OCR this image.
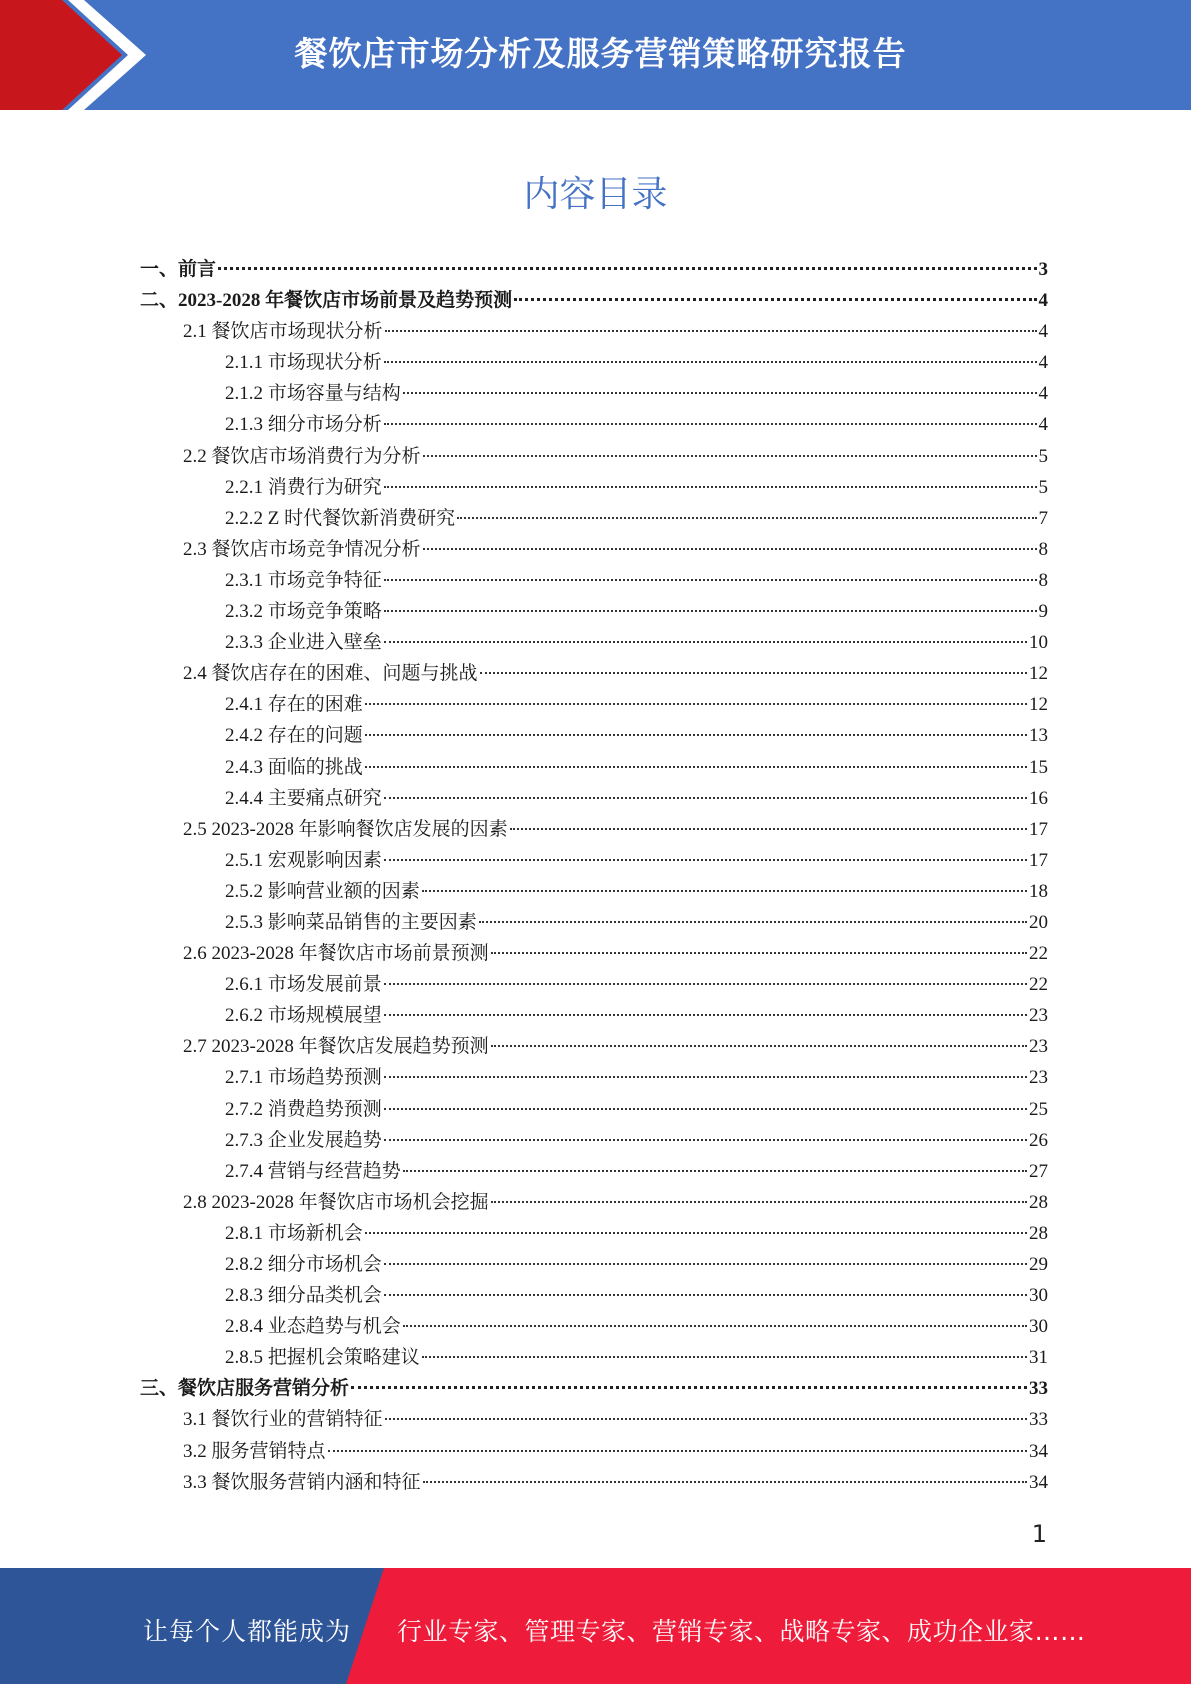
餐饮店市场分析及服务营销策略研究报告
内容目录
一、前言	3
二、2023-2028 年餐饮店市场前景及趋势预测	4
2.1 餐饮店市场现状分析	4
2.1.1 市场现状分析	4
2.1.2 市场容量与结构	4
2.1.3 细分市场分析	4
2.2 餐饮店市场消费行为分析	5
2.2.1 消费行为研究	5
2.2.2 Z 时代餐饮新消费研究	7
2.3 餐饮店市场竞争情况分析	8
2.3.1 市场竞争特征	8
2.3.2 市场竞争策略	9
2.3.3 企业进入壁垒	10
2.4 餐饮店存在的困难、问题与挑战	12
2.4.1 存在的困难	12
2.4.2 存在的问题	13
2.4.3 面临的挑战	15
2.4.4 主要痛点研究	16
2.5 2023-2028 年影响餐饮店发展的因素	17
2.5.1 宏观影响因素	17
2.5.2 影响营业额的因素	18
2.5.3 影响菜品销售的主要因素	20
2.6 2023-2028 年餐饮店市场前景预测	22
2.6.1 市场发展前景	22
2.6.2 市场规模展望	23
2.7 2023-2028 年餐饮店发展趋势预测	23
2.7.1 市场趋势预测	23
2.7.2 消费趋势预测	25
2.7.3 企业发展趋势	26
2.7.4 营销与经营趋势	27
2.8 2023-2028 年餐饮店市场机会挖掘	28
2.8.1 市场新机会	28
2.8.2 细分市场机会	29
2.8.3 细分品类机会	30
2.8.4 业态趋势与机会	30
2.8.5 把握机会策略建议	31
三、餐饮店服务营销分析	33
3.1 餐饮行业的营销特征	33
3.2 服务营销特点	34
3.3 餐饮服务营销内涵和特征	34
1
让每个人都能成为 行业专家、管理专家、营销专家、战略专家、成功企业家……
